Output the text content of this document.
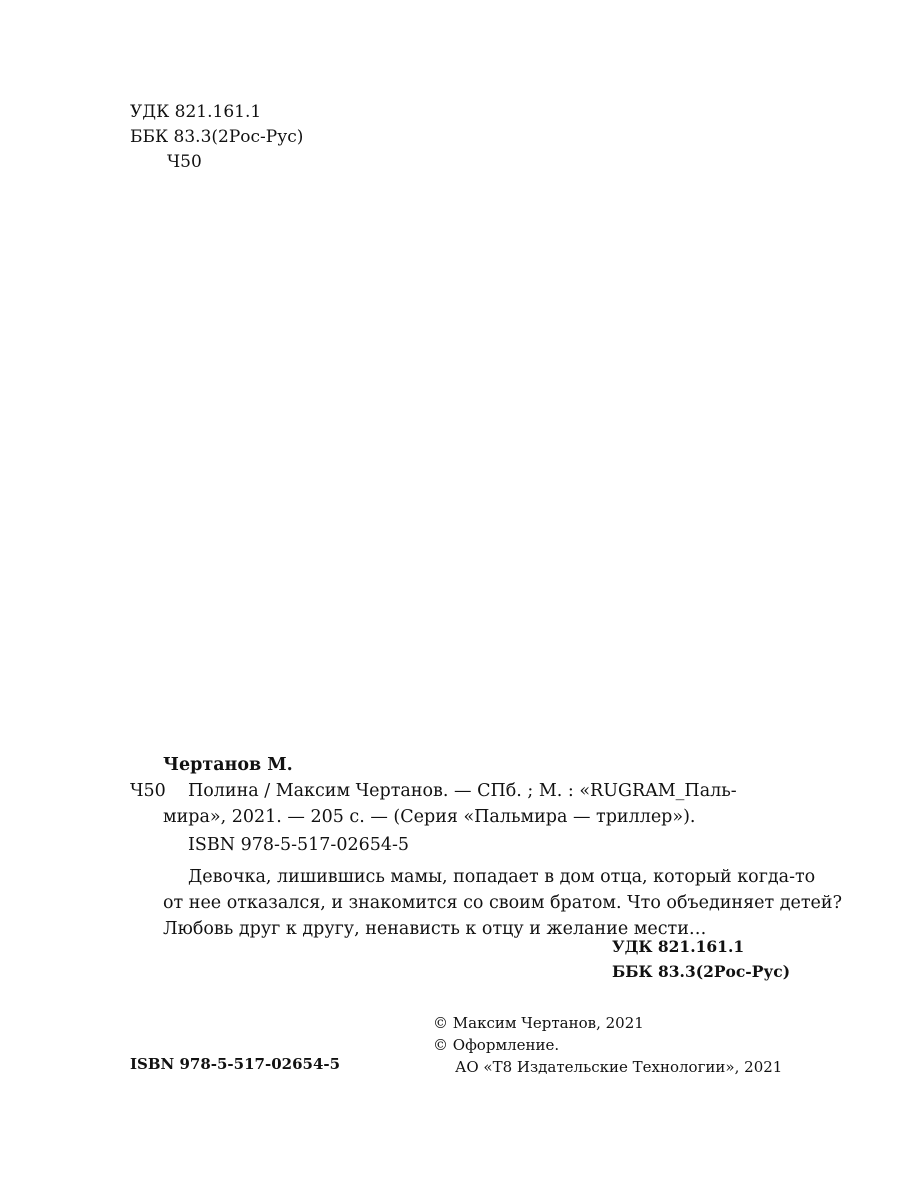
УДК 821.161.1
ББК 83.3(2Рос-Рус)
Ч50
Чертанов М.
Ч50	Полина / Максим Чертанов. — СПб. ; М. : «RUGRAM_Паль-
мира», 2021. — 205 с. — (Серия «Пальмира — триллер»).
ISBN 978-5-517-02654-5
Девочка, лишившись мамы, попадает в дом отца, который когда-то
от нее отказался, и знакомится со своим братом. Что объединяет детей?
Любовь друг к другу, ненависть к отцу и желание мести…
УДК 821.161.1
ББК 83.3(2Рос-Рус)
© Максим Чертанов, 2021
© Оформление.
АО «Т8 Издательские Технологии», 2021
ISBN 978-5-517-02654-5
